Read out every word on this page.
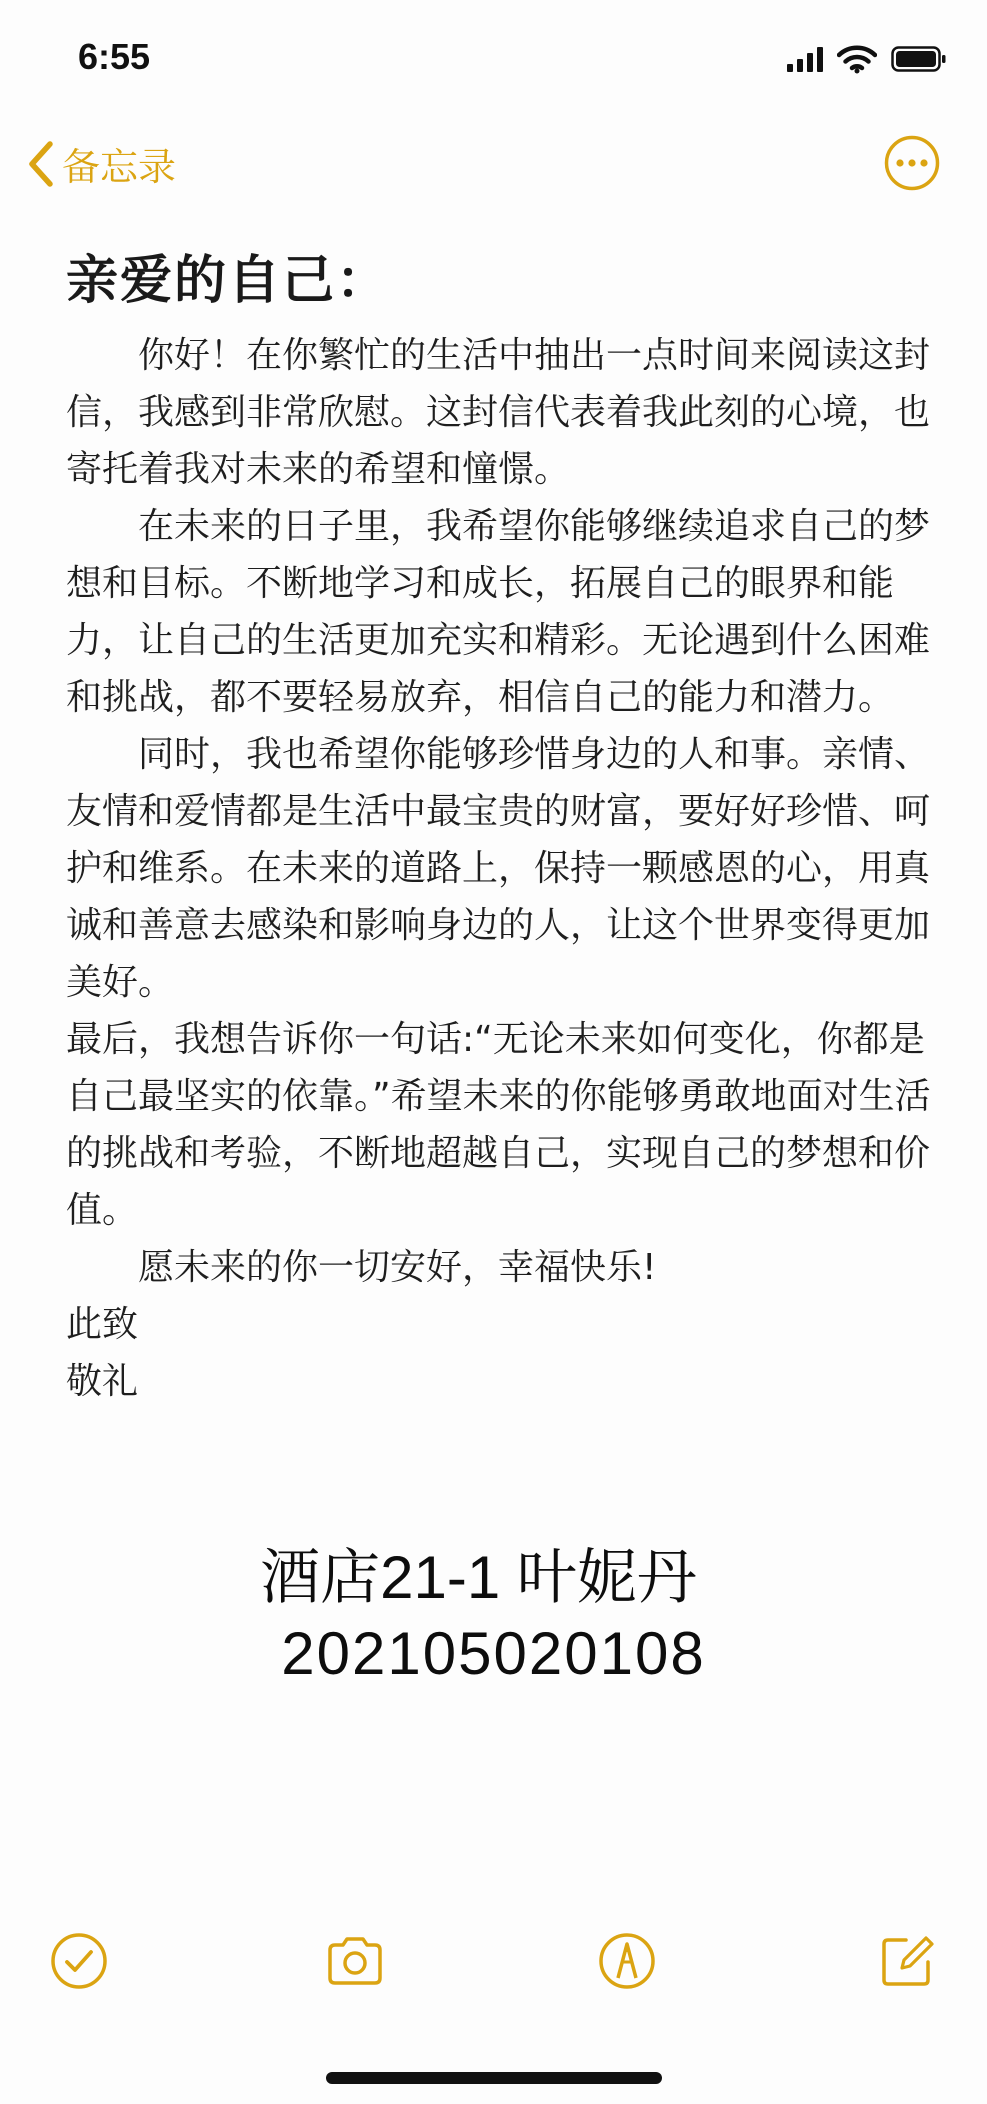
6:55
备忘录
亲爱的自己：

你好！在你繁忙的生活中抽出一点时间来阅读这封信，我感到非常欣慰。这封信代表着我此刻的心境，也寄托着我对未来的希望和憧憬。

在未来的日子里，我希望你能够继续追求自己的梦想和目标。不断地学习和成长，拓展自己的眼界和能力，让自己的生活更加充实和精彩。无论遇到什么困难和挑战，都不要轻易放弃，相信自己的能力和潜力。

同时，我也希望你能够珍惜身边的人和事。亲情、友情和爱情都是生活中最宝贵的财富，要好好珍惜、呵护和维系。在未来的道路上，保持一颗感恩的心，用真诚和善意去感染和影响身边的人，让这个世界变得更加美好。

最后，我想告诉你一句话:“无论未来如何变化，你都是自己最坚实的依靠。”希望未来的你能够勇敢地面对生活的挑战和考验，不断地超越自己，实现自己的梦想和价值。

愿未来的你一切安好，幸福快乐!

此致

敬礼

酒店21-1 叶妮丹
202105020108
